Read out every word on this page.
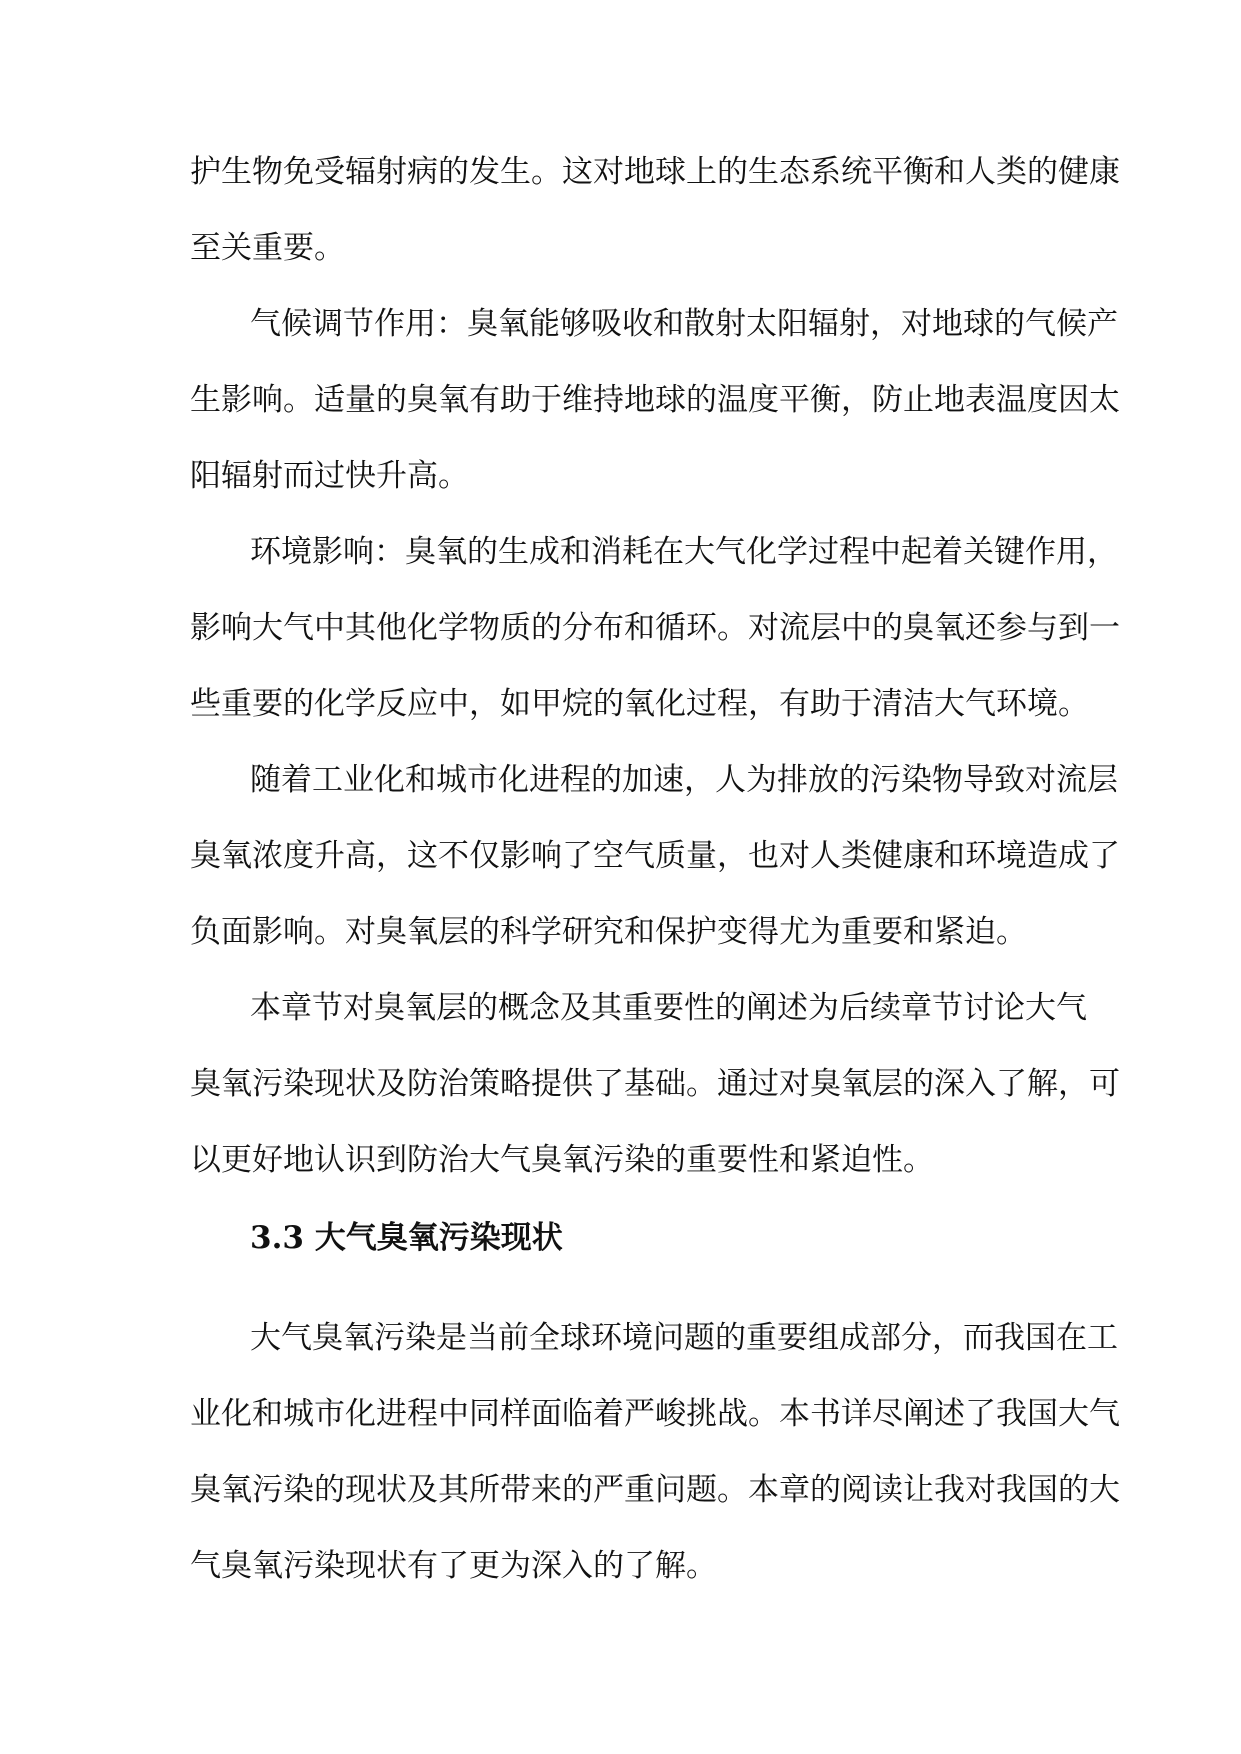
护生物免受辐射病的发生。这对地球上的生态系统平衡和人类的健康
至关重要。
气候调节作用：臭氧能够吸收和散射太阳辐射，对地球的气候产
生影响。适量的臭氧有助于维持地球的温度平衡，防止地表温度因太
阳辐射而过快升高。
环境影响：臭氧的生成和消耗在大气化学过程中起着关键作用，
影响大气中其他化学物质的分布和循环。对流层中的臭氧还参与到一
些重要的化学反应中，如甲烷的氧化过程，有助于清洁大气环境。
随着工业化和城市化进程的加速，人为排放的污染物导致对流层
臭氧浓度升高，这不仅影响了空气质量，也对人类健康和环境造成了
负面影响。对臭氧层的科学研究和保护变得尤为重要和紧迫。
本章节对臭氧层的概念及其重要性的阐述为后续章节讨论大气
臭氧污染现状及防治策略提供了基础。通过对臭氧层的深入了解，可
以更好地认识到防治大气臭氧污染的重要性和紧迫性。
3.3 大气臭氧污染现状
大气臭氧污染是当前全球环境问题的重要组成部分，而我国在工
业化和城市化进程中同样面临着严峻挑战。本书详尽阐述了我国大气
臭氧污染的现状及其所带来的严重问题。本章的阅读让我对我国的大
气臭氧污染现状有了更为深入的了解。
